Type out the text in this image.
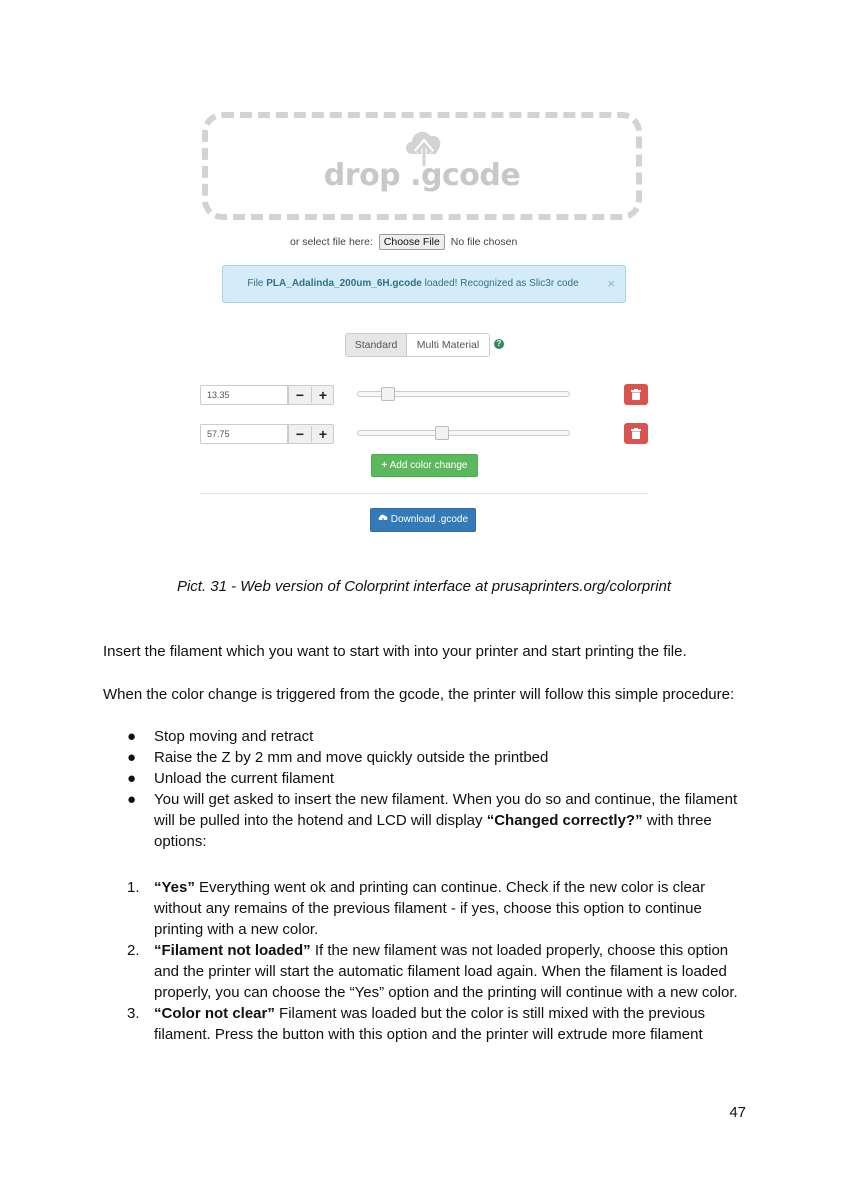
drop .gcode
or select file here: Choose File No file chosen
File PLA_Adalinda_200um_6H.gcode loaded! Recognized as Slic3r code	×
Standard	Multi Material	?
13.35
−	+
57.75
−	+
+ Add color change
Download .gcode
Pict. 31 - Web version of Colorprint interface at prusaprinters.org/colorprint
Insert the filament which you want to start with into your printer and start printing the file.
When the color change is triggered from the gcode, the printer will follow this simple procedure:
● Stop moving and retract
● Raise the Z by 2 mm and move quickly outside the printbed
● Unload the current filament
● You will get asked to insert the new filament. When you do so and continue, the filament will be pulled into the hotend and LCD will display “Changed correctly?” with three options:
1. “Yes” Everything went ok and printing can continue. Check if the new color is clear without any remains of the previous filament - if yes, choose this option to continue printing with a new color.
2. “Filament not loaded” If the new filament was not loaded properly, choose this option and the printer will start the automatic filament load again. When the filament is loaded properly, you can choose the “Yes” option and the printing will continue with a new color.
3. “Color not clear” Filament was loaded but the color is still mixed with the previous filament. Press the button with this option and the printer will extrude more filament
47
